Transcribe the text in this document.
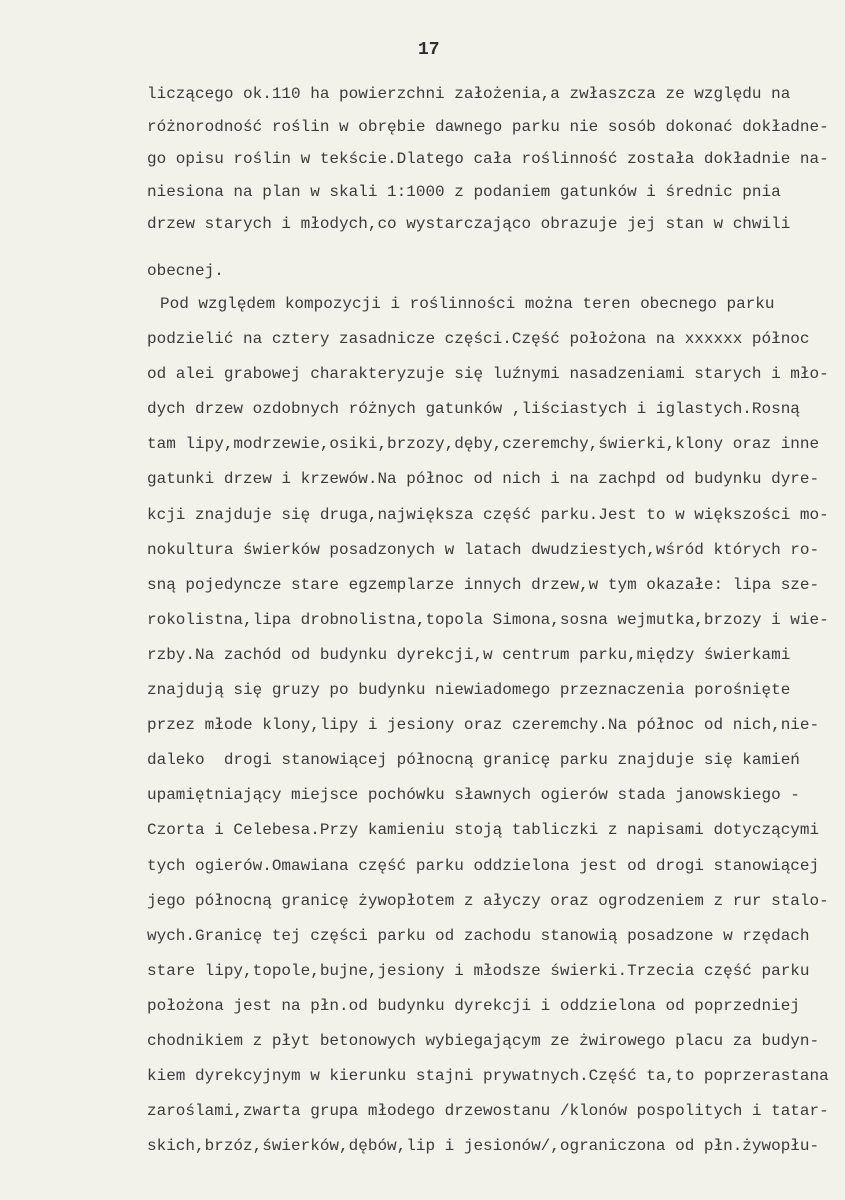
17
liczącego ok.110 ha powierzchni założenia,a zwłaszcza ze względu na
różnorodność roślin w obrębie dawnego parku nie sosób dokonać dokładne-
go opisu roślin w tekście.Dlatego cała roślinność została dokładnie na-
niesiona na plan w skali 1:1000 z podaniem gatunków i średnic pnia
drzew starych i młodych,co wystarczająco obrazuje jej stan w chwili
obecnej.
Pod względem kompozycji i roślinności można teren obecnego parku
podzielić na cztery zasadnicze części.Część położona na xxxxxx północ
od alei grabowej charakteryzuje się luźnymi nasadzeniami starych i mło-
dych drzew ozdobnych różnych gatunków ,liściastych i iglastych.Rosną
tam lipy,modrzewie,osiki,brzozy,dęby,czeremchy,świerki,klony oraz inne
gatunki drzew i krzewów.Na północ od nich i na zachpd od budynku dyre-
kcji znajduje się druga,największa część parku.Jest to w większości mo-
nokultura świerków posadzonych w latach dwudziestych,wśród których ro-
sną pojedyncze stare egzemplarze innych drzew,w tym okazałe: lipa sze-
rokolistna,lipa drobnolistna,topola Simona,sosna wejmutka,brzozy i wie-
rzby.Na zachód od budynku dyrekcji,w centrum parku,między świerkami
znajdują się gruzy po budynku niewiadomego przeznaczenia porośnięte
przez młode klony,lipy i jesiony oraz czeremchy.Na północ od nich,nie-
daleko  drogi stanowiącej północną granicę parku znajduje się kamień
upamiętniający miejsce pochówku sławnych ogierów stada janowskiego -
Czorta i Celebesa.Przy kamieniu stoją tabliczki z napisami dotyczącymi
tych ogierów.Omawiana część parku oddzielona jest od drogi stanowiącej
jego północną granicę żywopłotem z ałyczy oraz ogrodzeniem z rur stalo-
wych.Granicę tej części parku od zachodu stanowią posadzone w rzędach
stare lipy,topole,bujne,jesiony i młodsze świerki.Trzecia część parku
położona jest na płn.od budynku dyrekcji i oddzielona od poprzedniej
chodnikiem z płyt betonowych wybiegającym ze żwirowego placu za budyn-
kiem dyrekcyjnym w kierunku stajni prywatnych.Część ta,to poprzerastana
zaroślami,zwarta grupa młodego drzewostanu /klonów pospolitych i tatar-
skich,brzóz,świerków,dębów,lip i jesionów/,ograniczona od płn.żywopłu-
